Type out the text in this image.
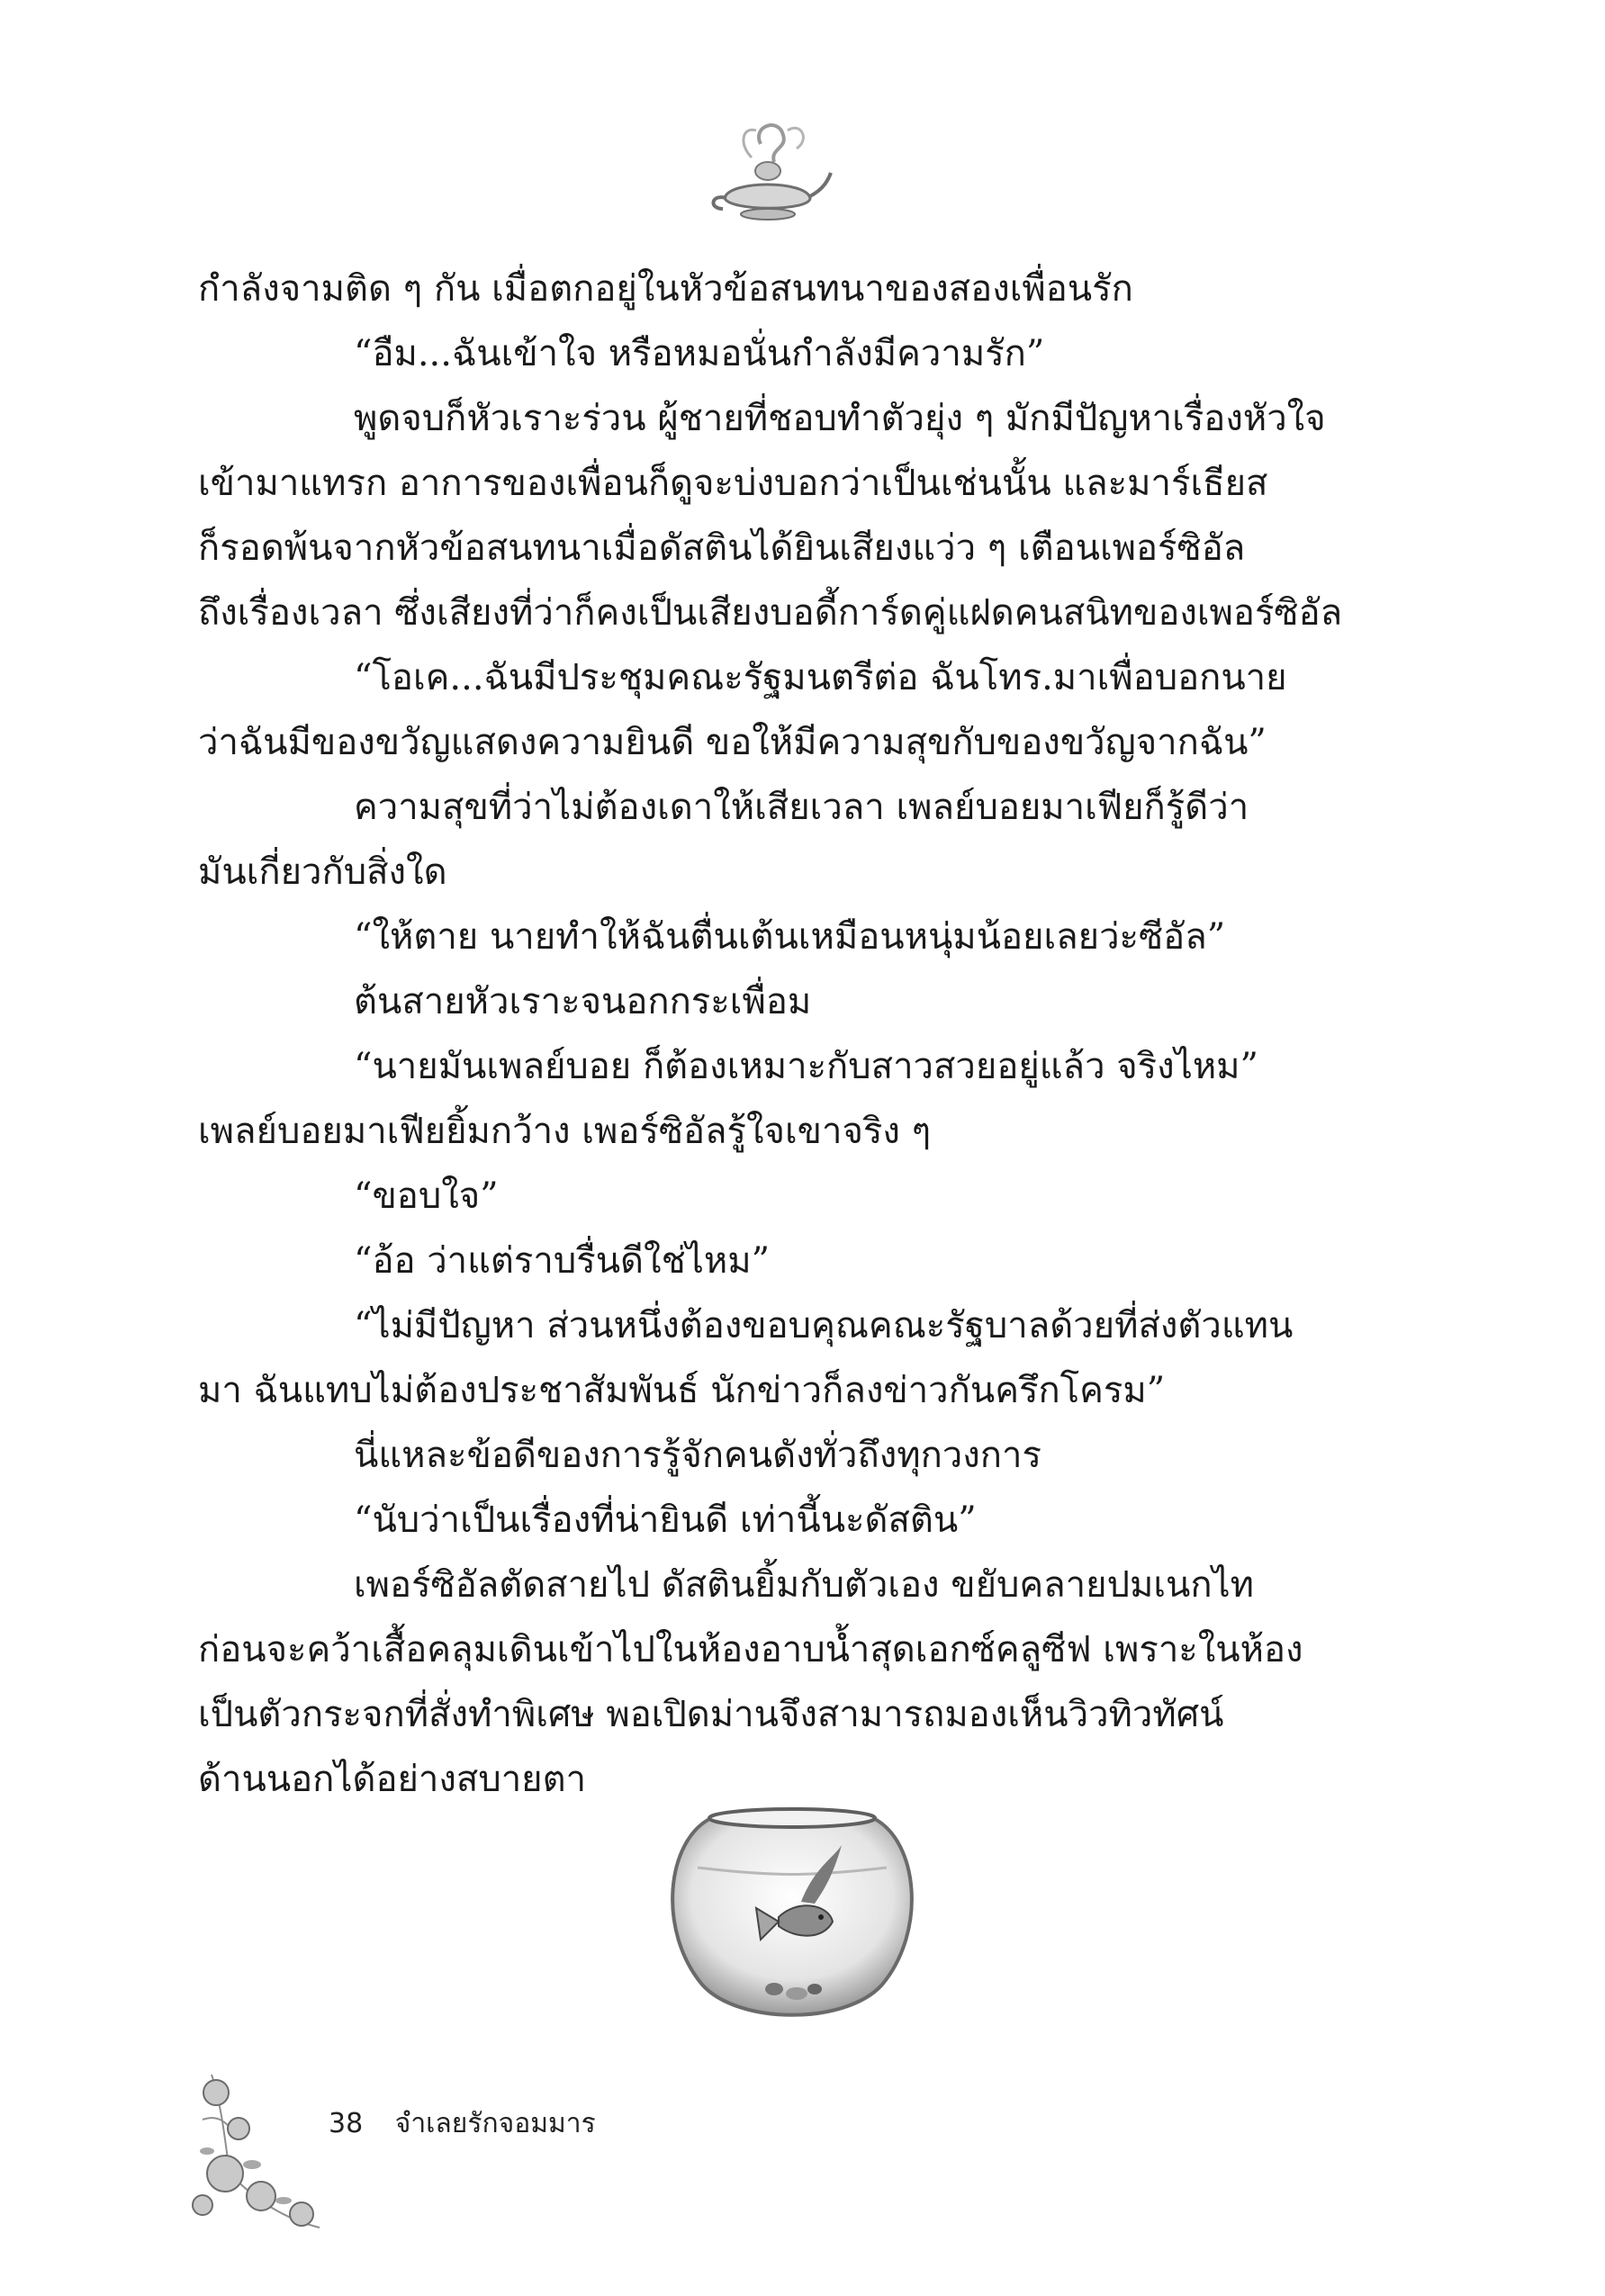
กำลังจามติด ๆ กัน เมื่อตกอยู่ในหัวข้อสนทนาของสองเพื่อนรัก
“อืม...ฉันเข้าใจ หรือหมอนั่นกำลังมีความรัก”
พูดจบก็หัวเราะร่วน ผู้ชายที่ชอบทำตัวยุ่ง ๆ มักมีปัญหาเรื่องหัวใจ
เข้ามาแทรก อาการของเพื่อนก็ดูจะบ่งบอกว่าเป็นเช่นนั้น และมาร์เธียส
ก็รอดพ้นจากหัวข้อสนทนาเมื่อดัสตินได้ยินเสียงแว่ว ๆ เตือนเพอร์ซิอัล
ถึงเรื่องเวลา ซึ่งเสียงที่ว่าก็คงเป็นเสียงบอดี้การ์ดคู่แฝดคนสนิทของเพอร์ซิอัล
“โอเค...ฉันมีประชุมคณะรัฐมนตรีต่อ ฉันโทร.มาเพื่อบอกนาย
ว่าฉันมีของขวัญแสดงความยินดี ขอให้มีความสุขกับของขวัญจากฉัน”
ความสุขที่ว่าไม่ต้องเดาให้เสียเวลา เพลย์บอยมาเฟียก็รู้ดีว่า
มันเกี่ยวกับสิ่งใด
“ให้ตาย นายทำให้ฉันตื่นเต้นเหมือนหนุ่มน้อยเลยว่ะซีอัล”
ต้นสายหัวเราะจนอกกระเพื่อม
“นายมันเพลย์บอย ก็ต้องเหมาะกับสาวสวยอยู่แล้ว จริงไหม”
เพลย์บอยมาเฟียยิ้มกว้าง เพอร์ซิอัลรู้ใจเขาจริง ๆ
“ขอบใจ”
“อ้อ ว่าแต่ราบรื่นดีใช่ไหม”
“ไม่มีปัญหา ส่วนหนึ่งต้องขอบคุณคณะรัฐบาลด้วยที่ส่งตัวแทน
มา ฉันแทบไม่ต้องประชาสัมพันธ์ นักข่าวก็ลงข่าวกันครึกโครม”
นี่แหละข้อดีของการรู้จักคนดังทั่วถึงทุกวงการ
“นับว่าเป็นเรื่องที่น่ายินดี เท่านี้นะดัสติน”
เพอร์ซิอัลตัดสายไป ดัสตินยิ้มกับตัวเอง ขยับคลายปมเนกไท
ก่อนจะคว้าเสื้อคลุมเดินเข้าไปในห้องอาบน้ำสุดเอกซ์คลูซีฟ เพราะในห้อง
เป็นตัวกระจกที่สั่งทำพิเศษ พอเปิดม่านจึงสามารถมองเห็นวิวทิวทัศน์
ด้านนอกได้อย่างสบายตา
38 จำเลยรักจอมมาร
